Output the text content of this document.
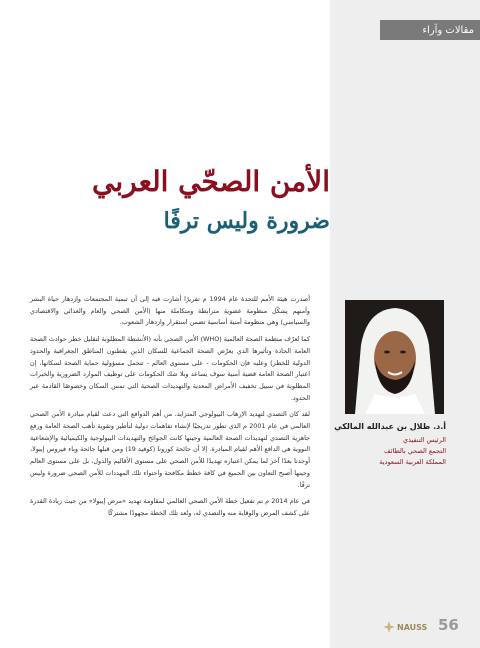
مقالات وآراء
الأمن الصحّي العربي
ضرورة وليس ترفًا

أ.د. طلال بن عبدالله المالكي

الرئيس التنفيذي

التجمع الصحي بالطائف

المملكة العربية السعودية

أصدرت هيئة الأمم للتحدة عام 1994 م تقريرًا أشارت فيه إلى أن تنمية المجتمعات وازدهار حياة البشر وأمنهم يشكّل منظومة عضوية مترابطة ومتكاملة منها (الأمن الصحي والعام والغذائي والاقتصادي والسياسي) وهي منظومة أمنية أساسية تضمن استقرار وازدهار الشعوب.

كما تُعرّف منظمة الصحة العالمية (WHO) الأمن الصحي بأنه (الأنشطة المطلوبة لتقليل خطر حوادث الصحة العامة الحادة وتأثيرها الذي يعرّض الصحة الجماعية للسكان الذين يقطنون المناطق الجغرافية والحدود الدولية للخطر) وعليه فإن الحكومات - على مستوى العالم - تتحمل مسؤولية حماية الصحة لسكانها، إن اعتبار الصحة العامة قضية أمنية سوف يساعد وبلا شك الحكومات على توظيف الموارد الضرورية والخبرات المطلوبة في سبيل تخفيف الأمراض المعدية والتهديدات الصحية التي تمس السكان وخصوصًا القادمة عبر الحدود.

لقد كان التصدي لتهديد الإرهاب البيولوجي المتزايد، من أهم الدوافع التي دعت لقيام مبادرة الأمن الصحي العالمي في عام 2001 م الذي تطور تدريجيًا لإنشاء تفاهمات دولية لتأطير وتقوية تأهب الصحة العامة ورفع جاهزية التصدي لتهديدات الصحة العالمية وحينها كانت الجوائح والتهديدات البيولوجية والكيميائية والإشعاعية النووية هي الدافع الأهم لقيام المبادرة. إلا أن جائحة كورونا (كوفيد 19) ومن قبلها جائحة وباء فيروس إيبولا، أوجدتا بعدًا آخر لما يمكن اعتباره تهديدًا للأمن الصحي على مستوى الأقاليم والدول، بل على مستوى العالم وحينها أصبح التعاون بين الجميع في كافة خطط مكافحة واحتواء تلك المهددات للأمن الصحي ضرورة وليس ترفًا.

في عام 2014 م تم تفعيل خطة الأمن الصحي العالمي لمقاومة تهديد «مرض إيبولا» من حيث زيادة القدرة على كشف المرض والوقاية منه والتصدي له، وتُعد تلك الخطة مجهودًا مشتركًا

NAUSS 56
